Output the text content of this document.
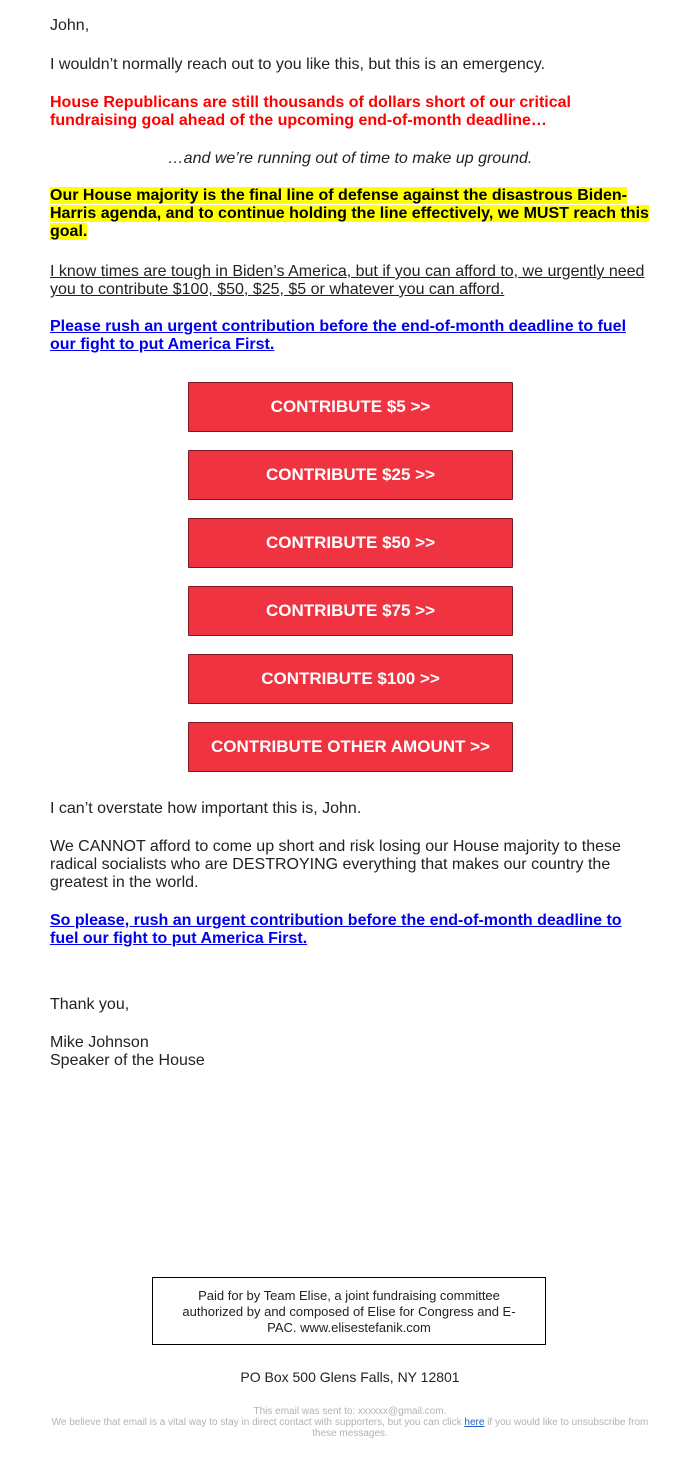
John,

I wouldn’t normally reach out to you like this, but this is an emergency.

House Republicans are still thousands of dollars short of our critical fundraising goal ahead of the upcoming end-of-month deadline…

…and we’re running out of time to make up ground.

Our House majority is the final line of defense against the disastrous Biden-Harris agenda, and to continue holding the line effectively, we MUST reach this goal.

I know times are tough in Biden’s America, but if you can afford to, we urgently need you to contribute $100, $50, $25, $5 or whatever you can afford.

Please rush an urgent contribution before the end-of-month deadline to fuel our fight to put America First.

I can’t overstate how important this is, John.

We CANNOT afford to come up short and risk losing our House majority to these radical socialists who are DESTROYING everything that makes our country the greatest in the world.

So please, rush an urgent contribution before the end-of-month deadline to fuel our fight to put America First.

Thank you,

Mike Johnson

Speaker of the House

CONTRIBUTE $5 >>
CONTRIBUTE $25 >>
CONTRIBUTE $50 >>
CONTRIBUTE $75 >>
CONTRIBUTE $100 >>
CONTRIBUTE OTHER AMOUNT >>
Paid for by Team Elise, a joint fundraising committee authorized by and composed of Elise for Congress and E-PAC. www.elisestefanik.com
PO Box 500 Glens Falls, NY 12801
This email was sent to: xxxxxx@gmail.com.
We believe that email is a vital way to stay in direct contact with supporters, but you can click here if you would like to unsubscribe from these messages.
